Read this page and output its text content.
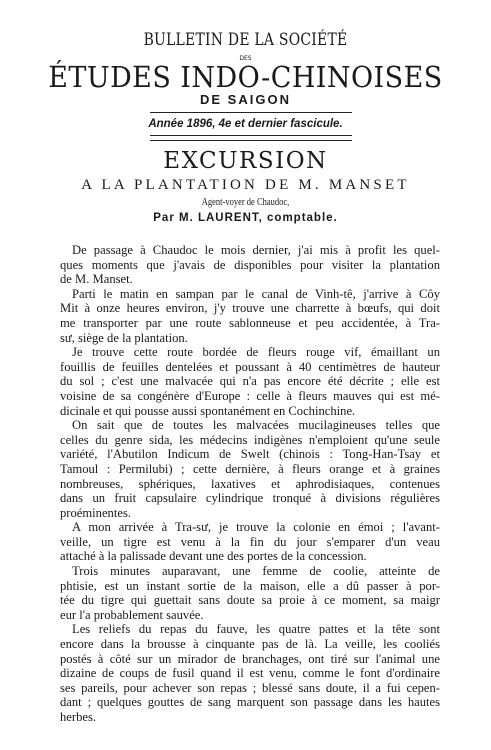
BULLETIN DE LA SOCIÉTÉ
DES
ÉTUDES INDO-CHINOISES
DE SAIGON
Année 1896, 4e et dernier fascicule.
EXCURSION
A LA PLANTATION DE M. MANSET
Agent-voyer de Chaudoc,
Par M. LAURENT, comptable.
De passage à Chaudoc le mois dernier, j'ai mis à profit les quel-
ques moments que j'avais de disponibles pour visiter la plantation
de M. Manset.
Parti le matin en sampan par le canal de Vinh-tê, j'arrive à Côy
Mit à onze heures environ, j'y trouve une charrette à bœufs, qui doit
me transporter par une route sablonneuse et peu accidentée, à Tra-
sư, siège de la plantation.
Je trouve cette route bordée de fleurs rouge vif, émaillant un
fouillis de feuilles dentelées et poussant à 40 centimètres de hauteur
du sol ; c'est une malvacée qui n'a pas encore été décrite ; elle est
voisine de sa congénère d'Europe : celle à fleurs mauves qui est mé-
dicinale et qui pousse aussi spontanément en Cochinchine.
On sait que de toutes les malvacées mucilagineuses telles que
celles du genre sida, les médecins indigènes n'emploient qu'une seule
variété, l'Abutilon Indicum de Swelt (chinois : Tong-Han-Tsay et
Tamoul : Permilubi) ; cette dernière, à fleurs orange et à graines
nombreuses, sphériques, laxatives et aphrodisiaques, contenues
dans un fruit capsulaire cylindrique tronqué à divisions régulières
proéminentes.
A mon arrivée à Tra-sư, je trouve la colonie en émoi ; l'avant-
veille, un tigre est venu à la fin du jour s'emparer d'un veau
attaché à la palissade devant une des portes de la concession.
Trois minutes auparavant, une femme de coolie, atteinte de
phtisie, est un instant sortie de la maison, elle a dû passer à por-
tée du tigre qui guettait sans doute sa proie à ce moment, sa maigr
eur l'a probablement sauvée.
Les reliefs du repas du fauve, les quatre pattes et la tête sont
encore dans la brousse à cinquante pas de là. La veille, les cooliés
postés à côté sur un mirador de branchages, ont tiré sur l'animal une
dizaine de coups de fusil quand il est venu, comme le font d'ordinaire
ses pareils, pour achever son repas ; blessé sans doute, il a fui cepen-
dant ; quelques gouttes de sang marquent son passage dans les hautes
herbes.
